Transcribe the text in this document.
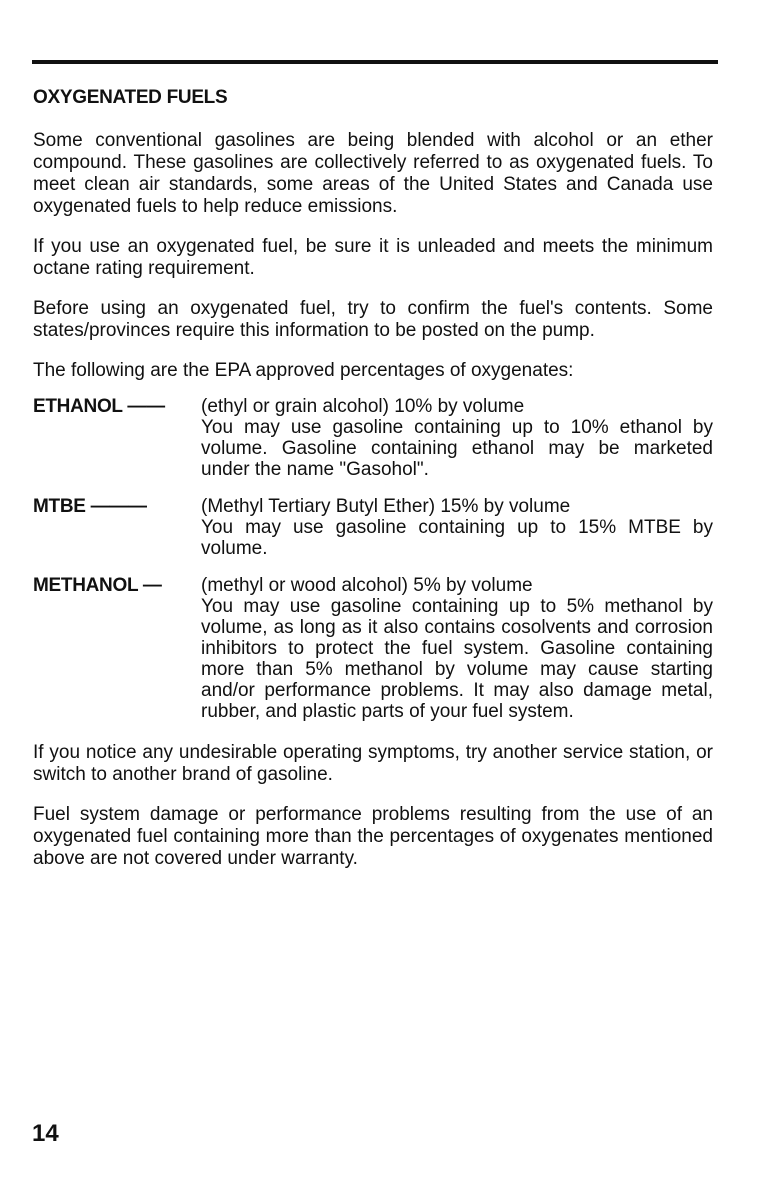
OXYGENATED FUELS

Some conventional gasolines are being blended with alcohol or an ether compound. These gasolines are collectively referred to as oxygenated fuels. To meet clean air standards, some areas of the United States and Canada use oxygenated fuels to help reduce emissions.

If you use an oxygenated fuel, be sure it is unleaded and meets the minimum octane rating requirement.

Before using an oxygenated fuel, try to confirm the fuel's contents. Some states/provinces require this information to be posted on the pump.

The following are the EPA approved percentages of oxygenates:

ETHANOL ——	(ethyl or grain alcohol) 10% by volume
You may use gasoline containing up to 10% ethanol by volume. Gasoline containing ethanol may be marketed under the name "Gasohol".
MTBE ———	(Methyl Tertiary Butyl Ether) 15% by volume
You may use gasoline containing up to 15% MTBE by volume.
METHANOL —	(methyl or wood alcohol) 5% by volume
You may use gasoline containing up to 5% methanol by volume, as long as it also contains cosolvents and corrosion inhibitors to protect the fuel system. Gasoline containing more than 5% methanol by volume may cause starting and/or performance problems. It may also damage metal, rubber, and plastic parts of your fuel system.

If you notice any undesirable operating symptoms, try another service station, or switch to another brand of gasoline.

Fuel system damage or performance problems resulting from the use of an oxygenated fuel containing more than the percentages of oxygenates mentioned above are not covered under warranty.

14
